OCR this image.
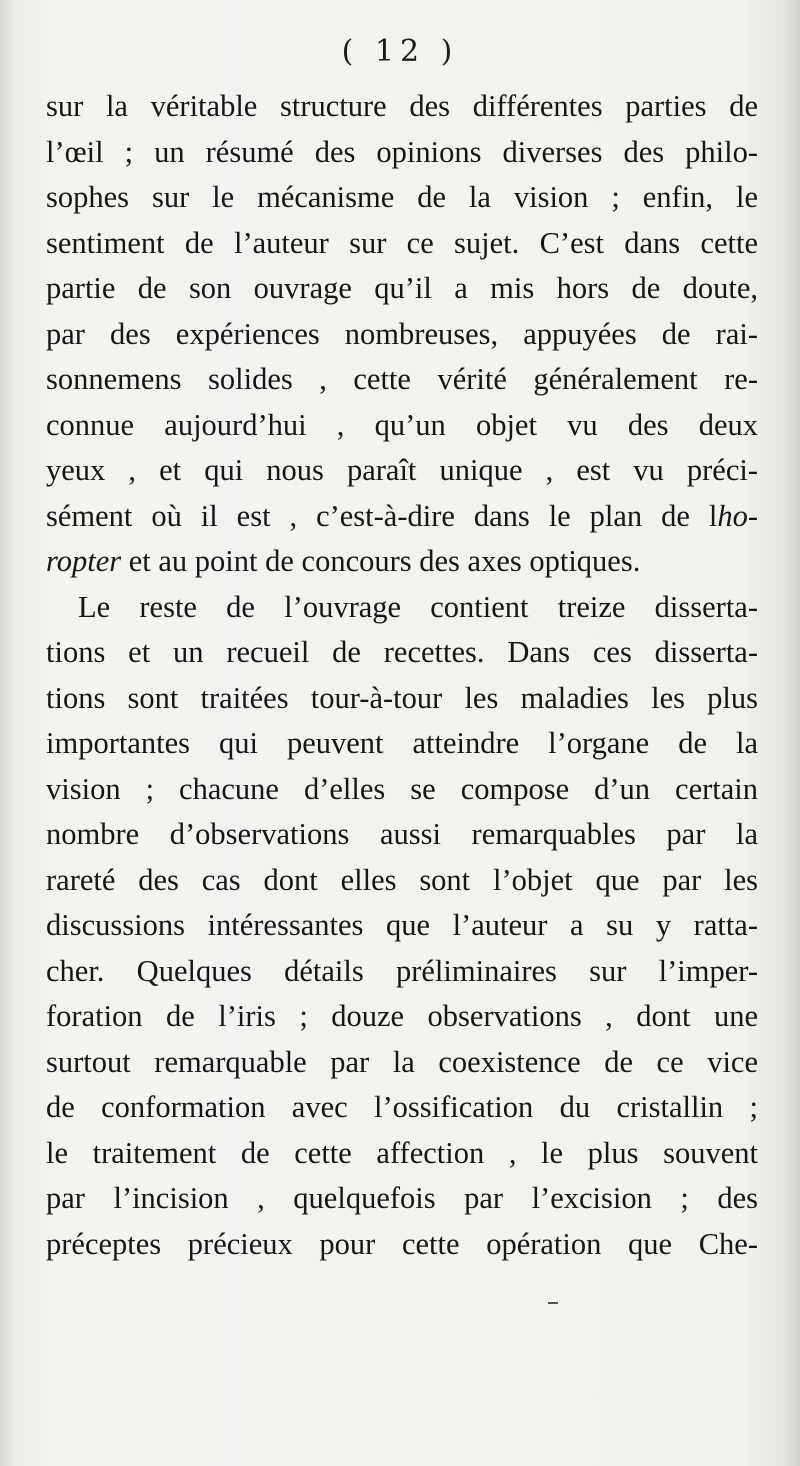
( 12 )
sur la véritable structure des différentes parties de
l’œil ; un résumé des opinions diverses des philo-
sophes sur le mécanisme de la vision ; enfin, le
sentiment de l’auteur sur ce sujet. C’est dans cette
partie de son ouvrage qu’il a mis hors de doute,
par des expériences nombreuses, appuyées de rai-
sonnemens solides , cette vérité généralement re-
connue aujourd’hui , qu’un objet vu des deux
yeux , et qui nous paraît unique , est vu préci-
sément où il est , c’est-à-dire dans le plan de lho-
ropter et au point de concours des axes optiques.
Le reste de l’ouvrage contient treize disserta-
tions et un recueil de recettes. Dans ces disserta-
tions sont traitées tour-à-tour les maladies les plus
importantes qui peuvent atteindre l’organe de la
vision ; chacune d’elles se compose d’un certain
nombre d’observations aussi remarquables par la
rareté des cas dont elles sont l’objet que par les
discussions intéressantes que l’auteur a su y ratta-
cher. Quelques détails préliminaires sur l’imper-
foration de l’iris ; douze observations , dont une
surtout remarquable par la coexistence de ce vice
de conformation avec l’ossification du cristallin ;
le traitement de cette affection , le plus souvent
par l’incision , quelquefois par l’excision ; des
préceptes précieux pour cette opération que Che-
